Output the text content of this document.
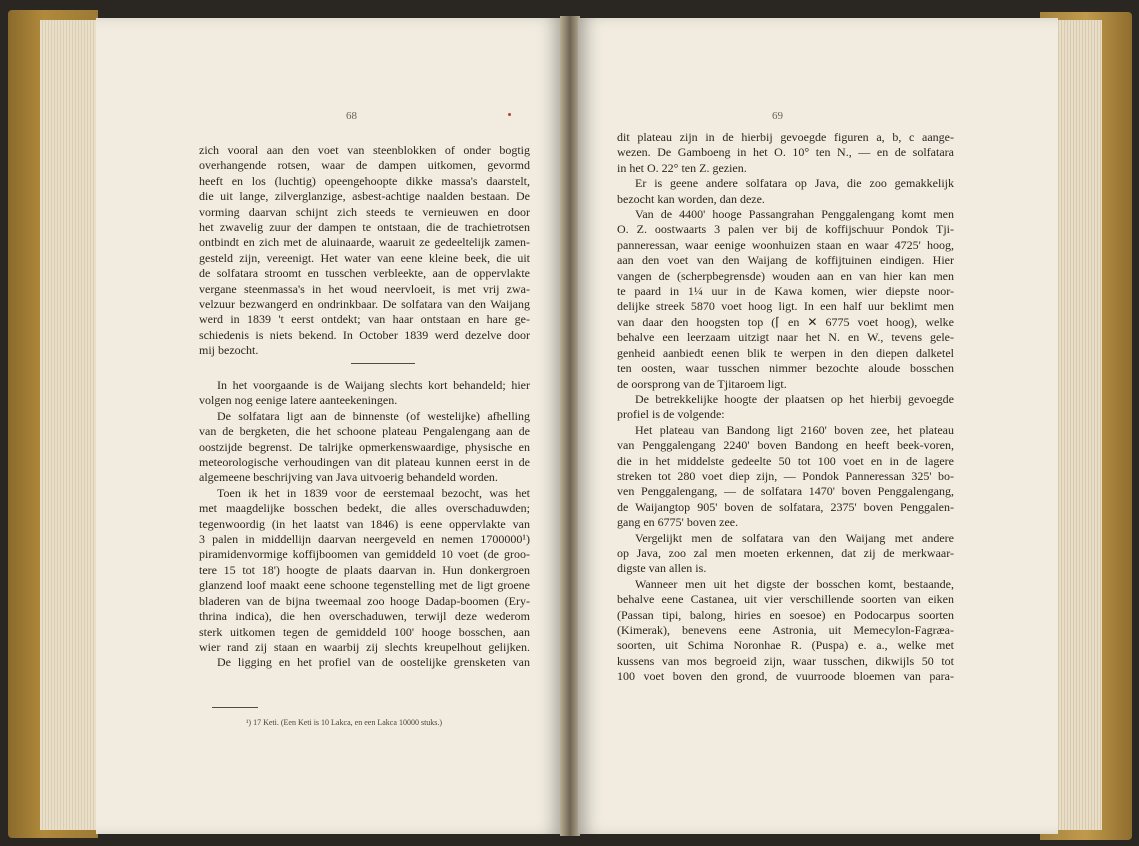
68
zich vooral aan den voet van steenblokken of onder bogtig
overhangende rotsen, waar de dampen uitkomen, gevormd
heeft en los (luchtig) opeengehoopte dikke massa's daarstelt,
die uit lange, zilverglanzige, asbest-achtige naalden bestaan. De
vorming daarvan schijnt zich steeds te vernieuwen en door
het zwavelig zuur der dampen te ontstaan, die de trachietrotsen
ontbindt en zich met de aluinaarde, waaruit ze gedeeltelijk zamen-
gesteld zijn, vereenigt. Het water van eene kleine beek, die uit
de solfatara stroomt en tusschen verbleekte, aan de oppervlakte
vergane steenmassa's in het woud neervloeit, is met vrij zwa-
velzuur bezwangerd en ondrinkbaar. De solfatara van den Waijang
werd in 1839 't eerst ontdekt; van haar ontstaan en hare ge-
schiedenis is niets bekend. In October 1839 werd dezelve door
mij bezocht.
In het voorgaande is de Waijang slechts kort behandeld; hier
volgen nog eenige latere aanteekeningen.
De solfatara ligt aan de binnenste (of westelijke) afhelling
van de bergketen, die het schoone plateau Pengalengang aan de
oostzijde begrenst. De talrijke opmerkenswaardige, physische en
meteorologische verhoudingen van dit plateau kunnen eerst in de
algemeene beschrijving van Java uitvoerig behandeld worden.
Toen ik het in 1839 voor de eerstemaal bezocht, was het
met maagdelijke bosschen bedekt, die alles overschaduwden;
tegenwoordig (in het laatst van 1846) is eene oppervlakte van
3 palen in middellijn daarvan neergeveld en nemen 1700000¹)
piramidenvormige koffijboomen van gemiddeld 10 voet (de groo-
tere 15 tot 18') hoogte de plaats daarvan in. Hun donkergroen
glanzend loof maakt eene schoone tegenstelling met de ligt groene
bladeren van de bijna tweemaal zoo hooge Dadap-boomen (Ery-
thrina indica), die hen overschaduwen, terwijl deze wederom
sterk uitkomen tegen de gemiddeld 100' hooge bosschen, aan
wier rand zij staan en waarbij zij slechts kreupelhout gelijken.
De ligging en het profiel van de oostelijke grensketen van
¹) 17 Keti. (Een Keti is 10 Lakса, en een Lakса 10000 stuks.)
69
dit plateau zijn in de hierbij gevoegde figuren a, b, c aange-
wezen. De Gamboeng in het O. 10° ten N., — en de solfatara
in het O. 22° ten Z. gezien.
Er is geene andere solfatara op Java, die zoo gemakkelijk
bezocht kan worden, dan deze.
Van de 4400' hooge Passangrahan Penggalengang komt men
O. Z. oostwaarts 3 palen ver bij de koffijschuur Pondok Tji-
panneressan, waar eenige woonhuizen staan en waar 4725' hoog,
aan den voet van den Waijang de koffijtuinen eindigen. Hier
vangen de (scherpbegrensde) wouden aan en van hier kan men
te paard in 1¼ uur in de Kawa komen, wier diepste noor-
delijke streek 5870 voet hoog ligt. In een half uur beklimt men
van daar den hoogsten top (⌈ en ✕ 6775 voet hoog), welke
behalve een leerzaam uitzigt naar het N. en W., tevens gele-
genheid aanbiedt eenen blik te werpen in den diepen dalketel
ten oosten, waar tusschen nimmer bezochte aloude bosschen
de oorsprong van de Tjitaroem ligt.
De betrekkelijke hoogte der plaatsen op het hierbij gevoegde
profiel is de volgende:
Het plateau van Bandong ligt 2160' boven zee, het plateau
van Penggalengang 2240' boven Bandong en heeft beek-voren,
die in het middelste gedeelte 50 tot 100 voet en in de lagere
streken tot 280 voet diep zijn, — Pondok Panneressan 325' bo-
ven Penggalengang, — de solfatara 1470' boven Penggalengang,
de Waijangtop 905' boven de solfatara, 2375' boven Penggalen-
gang en 6775' boven zee.
Vergelijkt men de solfatara van den Waijang met andere
op Java, zoo zal men moeten erkennen, dat zij de merkwaar-
digste van allen is.
Wanneer men uit het digste der bosschen komt, bestaande,
behalve eene Castanea, uit vier verschillende soorten van eiken
(Passan tipi, balong, hiries en soesoe) en Podocarpus soorten
(Kimerak), benevens eene Astronia, uit Memecylon-Fagræa-
soorten, uit Schima Noronhae R. (Puspa) e. a., welke met
kussens van mos begroeid zijn, waar tusschen, dikwijls 50 tot
100 voet boven den grond, de vuurroode bloemen van para-
